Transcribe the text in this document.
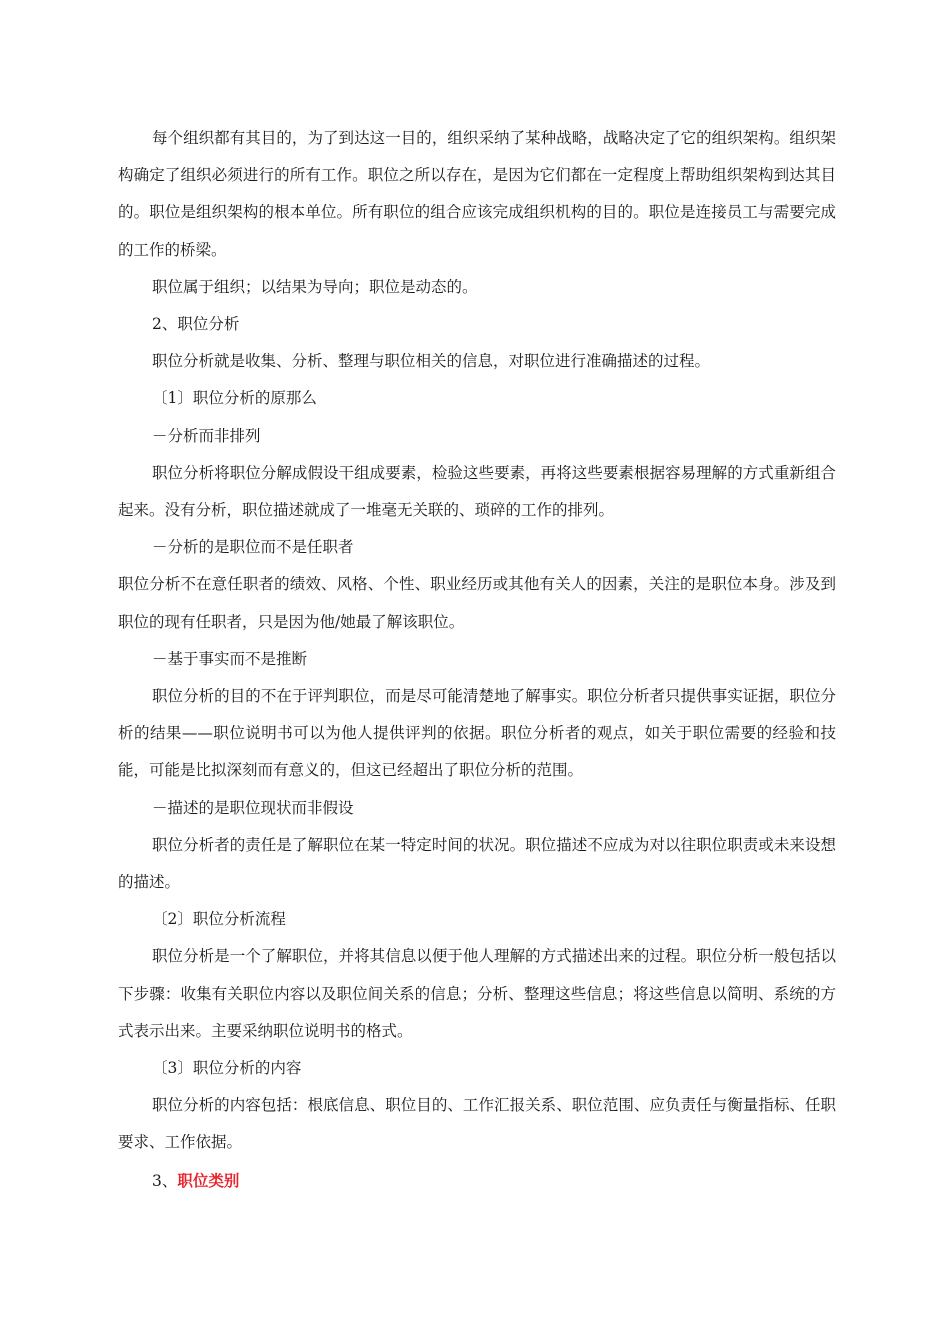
每个组织都有其目的，为了到达这一目的，组织采纳了某种战略，战略决定了它的组织架构。组织架构确定了组织必须进行的所有工作。职位之所以存在，是因为它们都在一定程度上帮助组织架构到达其目的。职位是组织架构的根本单位。所有职位的组合应该完成组织机构的目的。职位是连接员工与需要完成的工作的桥梁。

职位属于组织；以结果为导向；职位是动态的。

2、职位分析

职位分析就是收集、分析、整理与职位相关的信息，对职位进行准确描述的过程。

〔1〕职位分析的原那么

－分析而非排列

职位分析将职位分解成假设干组成要素，检验这些要素，再将这些要素根据容易理解的方式重新组合起来。没有分析，职位描述就成了一堆毫无关联的、琐碎的工作的排列。

－分析的是职位而不是任职者

职位分析不在意任职者的绩效、风格、个性、职业经历或其他有关人的因素，关注的是职位本身。涉及到职位的现有任职者，只是因为他/她最了解该职位。

－基于事实而不是推断

职位分析的目的不在于评判职位，而是尽可能清楚地了解事实。职位分析者只提供事实证据，职位分析的结果——职位说明书可以为他人提供评判的依据。职位分析者的观点，如关于职位需要的经验和技能，可能是比拟深刻而有意义的，但这已经超出了职位分析的范围。

－描述的是职位现状而非假设

职位分析者的责任是了解职位在某一特定时间的状况。职位描述不应成为对以往职位职责或未来设想的描述。

〔2〕职位分析流程

职位分析是一个了解职位，并将其信息以便于他人理解的方式描述出来的过程。职位分析一般包括以下步骤：收集有关职位内容以及职位间关系的信息；分析、整理这些信息；将这些信息以简明、系统的方式表示出来。主要采纳职位说明书的格式。

〔3〕职位分析的内容

职位分析的内容包括：根底信息、职位目的、工作汇报关系、职位范围、应负责任与衡量指标、任职要求、工作依据。

3、职位类别
